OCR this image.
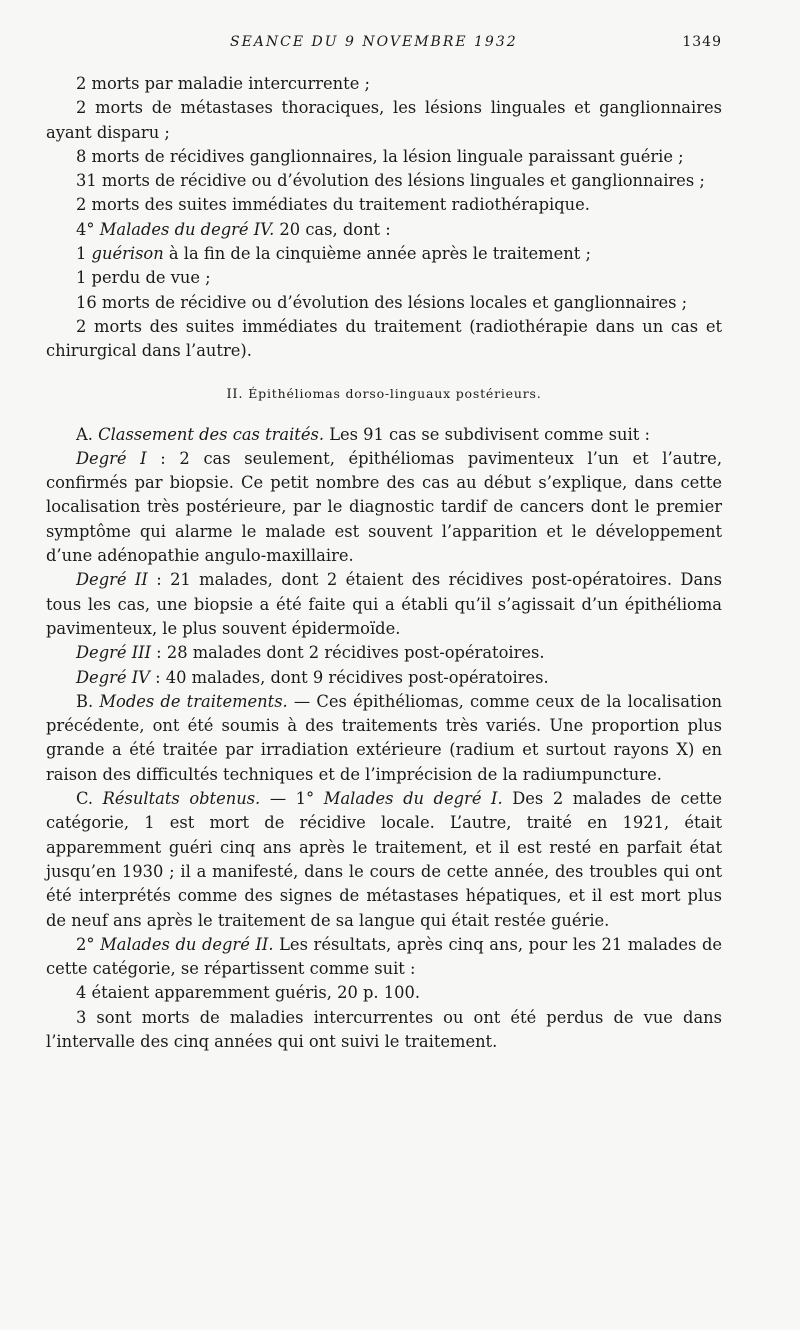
SEANCE DU 9 NOVEMBRE 1932	1349

2 morts par maladie intercurrente ;

2 morts de métastases thoraciques, les lésions linguales et ganglionnaires ayant disparu ;

8 morts de récidives ganglionnaires, la lésion linguale paraissant guérie ;

31 morts de récidive ou d’évolution des lésions linguales et ganglionnaires ;

2 morts des suites immédiates du traitement radiothérapique.

4° Malades du degré IV. 20 cas, dont :

1 guérison à la fin de la cinquième année après le traitement ;

1 perdu de vue ;

16 morts de récidive ou d’évolution des lésions locales et ganglionnaires ;

2 morts des suites immédiates du traitement (radiothérapie dans un cas et chirurgical dans l’autre).

II. Épithéliomas dorso-linguaux postérieurs.

A. Classement des cas traités. Les 91 cas se subdivisent comme suit :

Degré I : 2 cas seulement, épithéliomas pavimenteux l’un et l’autre, confirmés par biopsie. Ce petit nombre des cas au début s’explique, dans cette localisation très postérieure, par le diagnostic tardif de cancers dont le premier symptôme qui alarme le malade est souvent l’apparition et le développement d’une adénopathie angulo-maxillaire.

Degré II : 21 malades, dont 2 étaient des récidives post-opératoires. Dans tous les cas, une biopsie a été faite qui a établi qu’il s’agissait d’un épithélioma pavimenteux, le plus souvent épidermoïde.

Degré III : 28 malades dont 2 récidives post-opératoires.

Degré IV : 40 malades, dont 9 récidives post-opératoires.

B. Modes de traitements. — Ces épithéliomas, comme ceux de la localisation précédente, ont été soumis à des traitements très variés. Une proportion plus grande a été traitée par irradiation extérieure (radium et surtout rayons X) en raison des difficultés techniques et de l’imprécision de la radiumpuncture.

C. Résultats obtenus. — 1° Malades du degré I. Des 2 malades de cette catégorie, 1 est mort de récidive locale. L’autre, traité en 1921, était apparemment guéri cinq ans après le traitement, et il est resté en parfait état jusqu’en 1930 ; il a manifesté, dans le cours de cette année, des troubles qui ont été interprétés comme des signes de métastases hépatiques, et il est mort plus de neuf ans après le traitement de sa langue qui était restée guérie.

2° Malades du degré II. Les résultats, après cinq ans, pour les 21 malades de cette catégorie, se répartissent comme suit :

4 étaient apparemment guéris, 20 p. 100.

3 sont morts de maladies intercurrentes ou ont été perdus de vue dans l’intervalle des cinq années qui ont suivi le traitement.
